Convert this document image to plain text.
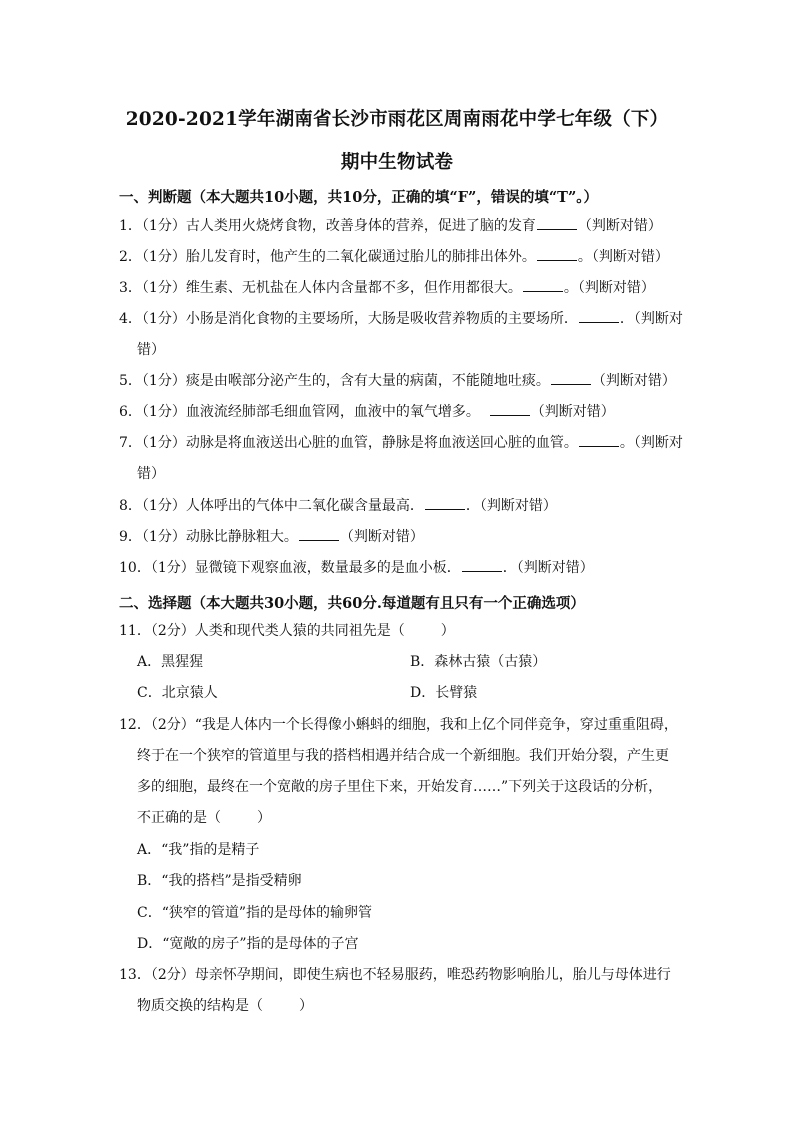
2020-2021学年湖南省长沙市雨花区周南雨花中学七年级（下）
期中生物试卷
一、判断题（本大题共10小题，共10分，正确的填“F”，错误的填“T”。）
1．（1分）古人类用火烧烤食物，改善身体的营养，促进了脑的发育	（判断对错）
2．（1分）胎儿发育时，他产生的二氧化碳通过胎儿的肺排出体外。	。（判断对错）
3．（1分）维生素、无机盐在人体内含量都不多，但作用都很大。	。（判断对错）
4．（1分）小肠是消化食物的主要场所，大肠是吸收营养物质的主要场所．	．（判断对
错）
5．（1分）痰是由喉部分泌产生的，含有大量的病菌，不能随地吐痰。	（判断对错）
6．（1分）血液流经肺部毛细血管网，血液中的氧气增多。	（判断对错）
7．（1分）动脉是将血液送出心脏的血管，静脉是将血液送回心脏的血管。	。（判断对
错）
8．（1分）人体呼出的气体中二氧化碳含量最高．	．（判断对错）
9．（1分）动脉比静脉粗大。	（判断对错）
10．（1分）显微镜下观察血液，数量最多的是血小板．	．（判断对错）
二、选择题（本大题共30小题，共60分.每道题有且只有一个正确选项）
11．（2分）人类和现代类人猿的共同祖先是（	）
A．黑猩猩	B．森林古猿（古猿）
C．北京猿人	D．长臂猿
12．（2分）“我是人体内一个长得像小蝌蚪的细胞，我和上亿个同伴竞争，穿过重重阻碍，
终于在一个狭窄的管道里与我的搭档相遇并结合成一个新细胞。我们开始分裂，产生更
多的细胞，最终在一个宽敞的房子里住下来，开始发育……”下列关于这段话的分析，
不正确的是（	）
A．“我”指的是精子
B．“我的搭档”是指受精卵
C．“狭窄的管道”指的是母体的输卵管
D．“宽敞的房子”指的是母体的子宫
13．（2分）母亲怀孕期间，即使生病也不轻易服药，唯恐药物影响胎儿，胎儿与母体进行
物质交换的结构是（	）
